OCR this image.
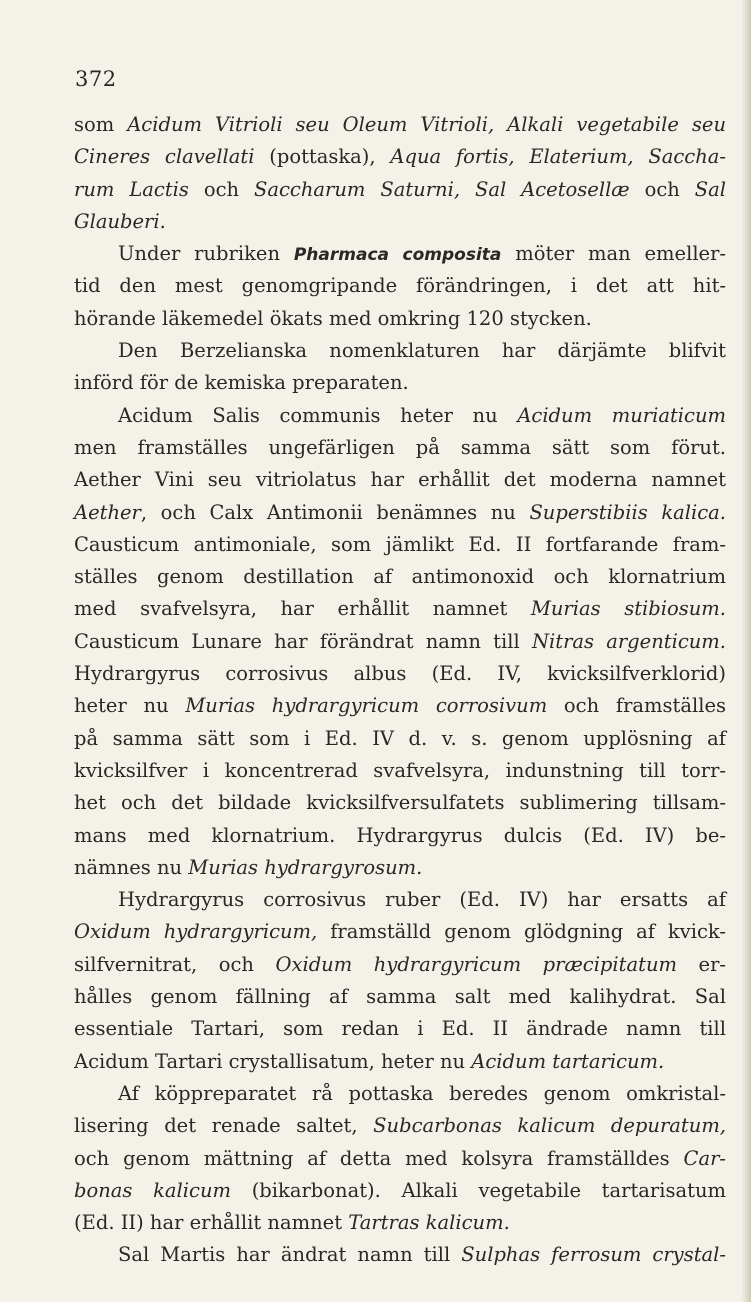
372
som Acidum Vitrioli seu Oleum Vitrioli, Alkali vegetabile seu
Cineres clavellati (pottaska), Aqua fortis, Elaterium, Saccha-
rum Lactis och Saccharum Saturni, Sal Acetosellæ och Sal
Glauberi.
Under rubriken Pharmaca composita möter man emeller-
tid den mest genomgripande förändringen, i det att hit-
hörande läkemedel ökats med omkring 120 stycken.
Den Berzelianska nomenklaturen har därjämte blifvit
införd för de kemiska preparaten.
Acidum Salis communis heter nu Acidum muriaticum
men framställes ungefärligen på samma sätt som förut.
Aether Vini seu vitriolatus har erhållit det moderna namnet
Aether, och Calx Antimonii benämnes nu Superstibiis kalica.
Causticum antimoniale, som jämlikt Ed. II fortfarande fram-
ställes genom destillation af antimonoxid och klornatrium
med svafvelsyra, har erhållit namnet Murias stibiosum.
Causticum Lunare har förändrat namn till Nitras argenticum.
Hydrargyrus corrosivus albus (Ed. IV, kvicksilfverklorid)
heter nu Murias hydrargyricum corrosivum och framställes
på samma sätt som i Ed. IV d. v. s. genom upplösning af
kvicksilfver i koncentrerad svafvelsyra, indunstning till torr-
het och det bildade kvicksilfversulfatets sublimering tillsam-
mans med klornatrium. Hydrargyrus dulcis (Ed. IV) be-
nämnes nu Murias hydrargyrosum.
Hydrargyrus corrosivus ruber (Ed. IV) har ersatts af
Oxidum hydrargyricum, framställd genom glödgning af kvick-
silfvernitrat, och Oxidum hydrargyricum præcipitatum er-
hålles genom fällning af samma salt med kalihydrat. Sal
essentiale Tartari, som redan i Ed. II ändrade namn till
Acidum Tartari crystallisatum, heter nu Acidum tartaricum.
Af köppreparatet rå pottaska beredes genom omkristal-
lisering det renade saltet, Subcarbonas kalicum depuratum,
och genom mättning af detta med kolsyra framställdes Car-
bonas kalicum (bikarbonat). Alkali vegetabile tartarisatum
(Ed. II) har erhållit namnet Tartras kalicum.
Sal Martis har ändrat namn till Sulphas ferrosum crystal-
